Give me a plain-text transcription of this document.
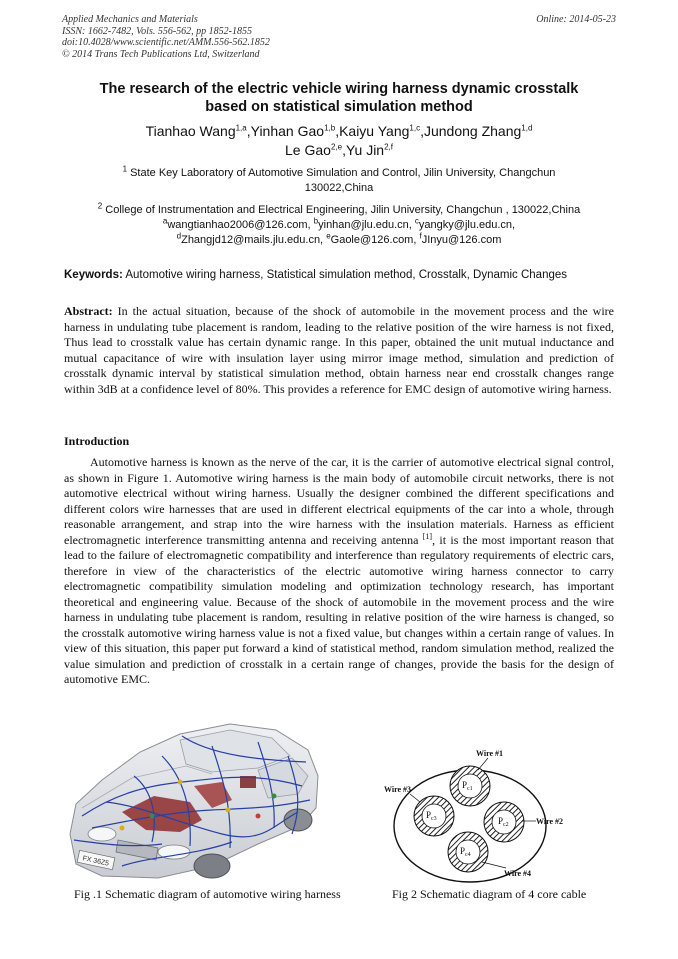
Applied Mechanics and Materials
ISSN: 1662-7482, Vols. 556-562, pp 1852-1855
doi:10.4028/www.scientific.net/AMM.556-562.1852
© 2014 Trans Tech Publications Ltd, Switzerland
Online: 2014-05-23
The research of the electric vehicle wiring harness dynamic crosstalk
based on statistical simulation method
Tianhao Wang$^{1,a}$,Yinhan Gao$^{1,b}$,Kaiyu Yang$^{1,c}$,Jundong Zhang$^{1,d}$
Le Gao$^{2,e}$,Yu Jin$^{2,f}$
$^1$ State Key Laboratory of Automotive Simulation and Control, Jilin University, Changchun
130022,China
$^2$ College of Instrumentation and Electrical Engineering, Jilin University, Changchun , 130022,China
$^a$wangtianhao2006@126.com, $^b$yinhan@jlu.edu.cn, $^c$yangky@jlu.edu.cn,
$^d$Zhangjd12@mails.jlu.edu.cn, $^e$Gaole@126.com, $^f$JInyu@126.com
Keywords: Automotive wiring harness, Statistical simulation method, Crosstalk, Dynamic Changes
Abstract: In the actual situation, because of the shock of automobile in the movement process and the wire harness in undulating tube placement is random, leading to the relative position of the wire harness is not fixed, Thus lead to crosstalk value has certain dynamic range. In this paper, obtained the unit mutual inductance and mutual capacitance of wire with insulation layer using mirror image method, simulation and prediction of crosstalk dynamic interval by statistical simulation method, obtain harness near end crosstalk changes range within 3dB at a confidence level of 80%. This provides a reference for EMC design of automotive wiring harness.
Introduction
Automotive harness is known as the nerve of the car, it is the carrier of automotive electrical signal control, as shown in Figure 1. Automotive wiring harness is the main body of automobile circuit networks, there is not automotive electrical without wiring harness. Usually the designer combined the different specifications and different colors wire harnesses that are used in different electrical equipments of the car into a whole, through reasonable arrangement, and strap into the wire harness with the insulation materials. Harness as efficient electromagnetic interference transmitting antenna and receiving antenna [1], it is the most important reason that lead to the failure of electromagnetic compatibility and interference than regulatory requirements of electric cars, therefore in view of the characteristics of the electric automotive wiring harness connector to carry electromagnetic compatibility simulation modeling and optimization technology research, has important theoretical and engineering value. Because of the shock of automobile in the movement process and the wire harness in undulating tube placement is random, resulting in relative position of the wire harness is changed, so the crosstalk automotive wiring harness value is not a fixed value, but changes within a certain range of values. In view of this situation, this paper put forward a kind of statistical method, random simulation method, realized the value simulation and prediction of crosstalk in a certain range of changes, provide the basis for the design of automotive EMC.
FX 36Z5
$P_{c1}$
$P_{c3}$	$P_{c2}$
$P_{c4}$
Wire #1
Wire #3
Wire #2
Wire #4
Fig .1 Schematic diagram of automotive wiring harness	Fig 2 Schematic diagram of 4 core cable
